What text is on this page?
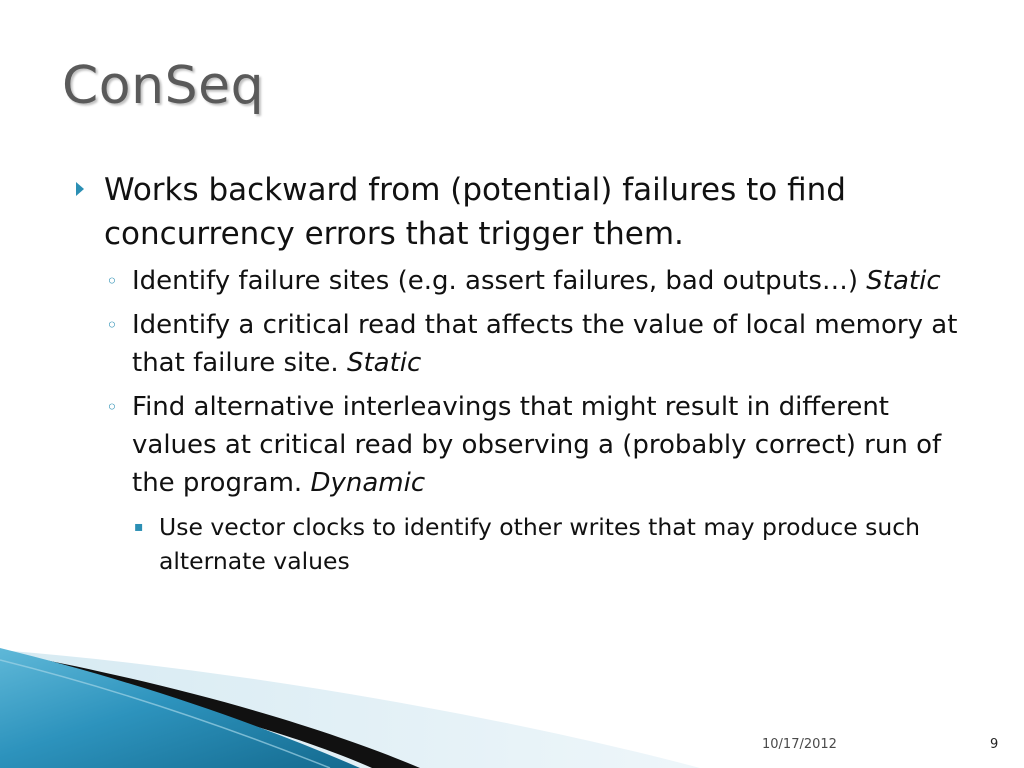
ConSeq
Works backward from (potential) failures to find concurrency errors that trigger them.
◦ Identify failure sites (e.g. assert failures, bad outputs…) Static
◦ Identify a critical read that affects the value of local memory at that failure site. Static
◦ Find alternative interleavings that might result in different values at critical read by observing a (probably correct) run of the program. Dynamic
▪ Use vector clocks to identify other writes that may produce such alternate values
10/17/2012	9
